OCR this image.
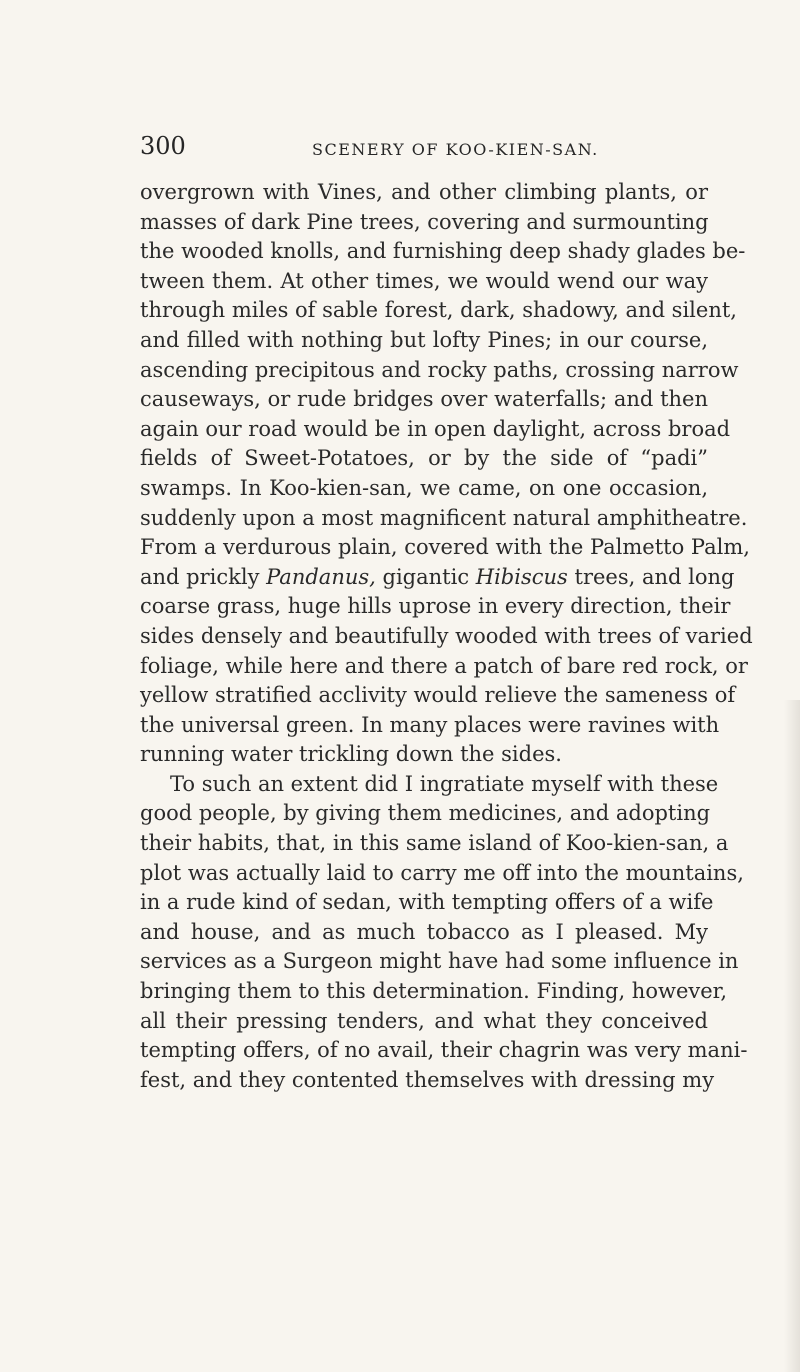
300	SCENERY OF KOO-KIEN-SAN.
overgrown with Vines, and other climbing plants, or
masses of dark Pine trees, covering and surmounting
the wooded knolls, and furnishing deep shady glades be-
tween them. At other times, we would wend our way
through miles of sable forest, dark, shadowy, and silent,
and filled with nothing but lofty Pines; in our course,
ascending precipitous and rocky paths, crossing narrow
causeways, or rude bridges over waterfalls; and then
again our road would be in open daylight, across broad
fields of Sweet-Potatoes, or by the side of “padi”
swamps. In Koo-kien-san, we came, on one occasion,
suddenly upon a most magnificent natural amphitheatre.
From a verdurous plain, covered with the Palmetto Palm,
and prickly Pandanus, gigantic Hibiscus trees, and long
coarse grass, huge hills uprose in every direction, their
sides densely and beautifully wooded with trees of varied
foliage, while here and there a patch of bare red rock, or
yellow stratified acclivity would relieve the sameness of
the universal green. In many places were ravines with
running water trickling down the sides.
To such an extent did I ingratiate myself with these
good people, by giving them medicines, and adopting
their habits, that, in this same island of Koo-kien-san, a
plot was actually laid to carry me off into the mountains,
in a rude kind of sedan, with tempting offers of a wife
and house, and as much tobacco as I pleased. My
services as a Surgeon might have had some influence in
bringing them to this determination. Finding, however,
all their pressing tenders, and what they conceived
tempting offers, of no avail, their chagrin was very mani-
fest, and they contented themselves with dressing my
